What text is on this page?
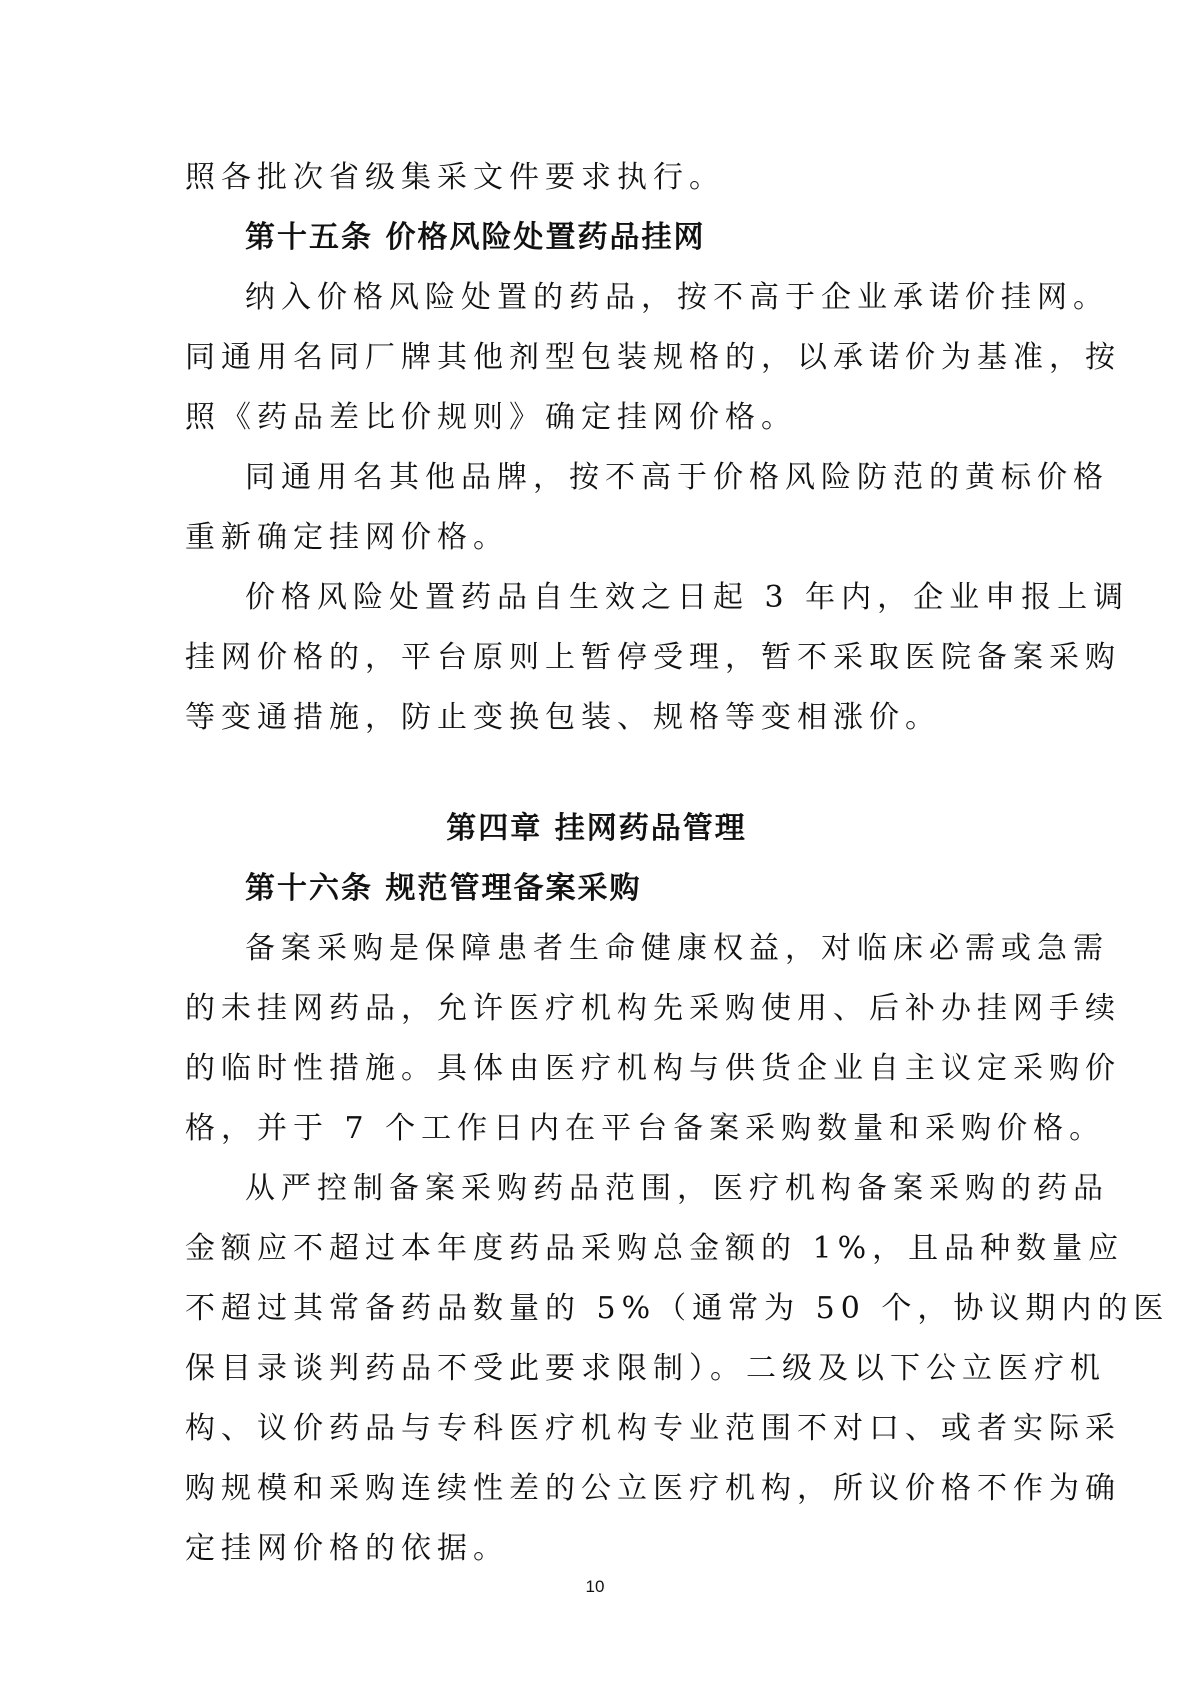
照各批次省级集采文件要求执行。
第十五条 价格风险处置药品挂网
纳入价格风险处置的药品，按不高于企业承诺价挂网。
同通用名同厂牌其他剂型包装规格的，以承诺价为基准，按
照《药品差比价规则》确定挂网价格。
同通用名其他品牌，按不高于价格风险防范的黄标价格
重新确定挂网价格。
价格风险处置药品自生效之日起 3 年内，企业申报上调
挂网价格的，平台原则上暂停受理，暂不采取医院备案采购
等变通措施，防止变换包装、规格等变相涨价。
第四章 挂网药品管理
第十六条 规范管理备案采购
备案采购是保障患者生命健康权益，对临床必需或急需
的未挂网药品，允许医疗机构先采购使用、后补办挂网手续
的临时性措施。具体由医疗机构与供货企业自主议定采购价
格，并于 7 个工作日内在平台备案采购数量和采购价格。
从严控制备案采购药品范围，医疗机构备案采购的药品
金额应不超过本年度药品采购总金额的 1%，且品种数量应
不超过其常备药品数量的 5%（通常为 50 个，协议期内的医
保目录谈判药品不受此要求限制）。二级及以下公立医疗机
构、议价药品与专科医疗机构专业范围不对口、或者实际采
购规模和采购连续性差的公立医疗机构，所议价格不作为确
定挂网价格的依据。
10
